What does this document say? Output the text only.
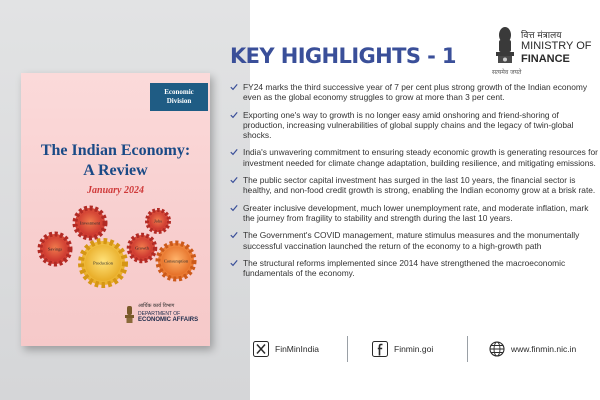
Economic
Division
The Indian Economy:
A Review
January 2024
Investment
Savings
Production
Jobs
Growth
Consumption
आर्थिक कार्य विभाग
DEPARTMENT OF
ECONOMIC AFFAIRS
KEY HIGHLIGHTS - 1
वित्त मंत्रालय
MINISTRY OF
FINANCE
सत्यमेव जयते
FY24 marks the third successive year of 7 per cent plus strong growth of the Indian economy even as the global economy struggles to grow at more than 3 per cent.
Exporting one's way to growth is no longer easy amid onshoring and friend-shoring of production, increasing vulnerabilities of global supply chains and the legacy of twin-global shocks.
India's unwavering commitment to ensuring steady economic growth is generating resources for investment needed for climate change adaptation, building resilience, and mitigating emissions.
The public sector capital investment has surged in the last 10 years, the financial sector is healthy, and non-food credit growth is strong, enabling the Indian economy grow at a brisk rate.
Greater inclusive development, much lower unemployment rate, and moderate inflation, mark the journey from fragility to stability and strength during the last 10 years.
The Government's COVID management, mature stimulus measures and the monumentally successful vaccination launched the return of the economy to a high-growth path
The structural reforms implemented since 2014 have strengthened the macroeconomic fundamentals of the economy.
FinMinIndia	Finmin.goi	www.finmin.nic.in
